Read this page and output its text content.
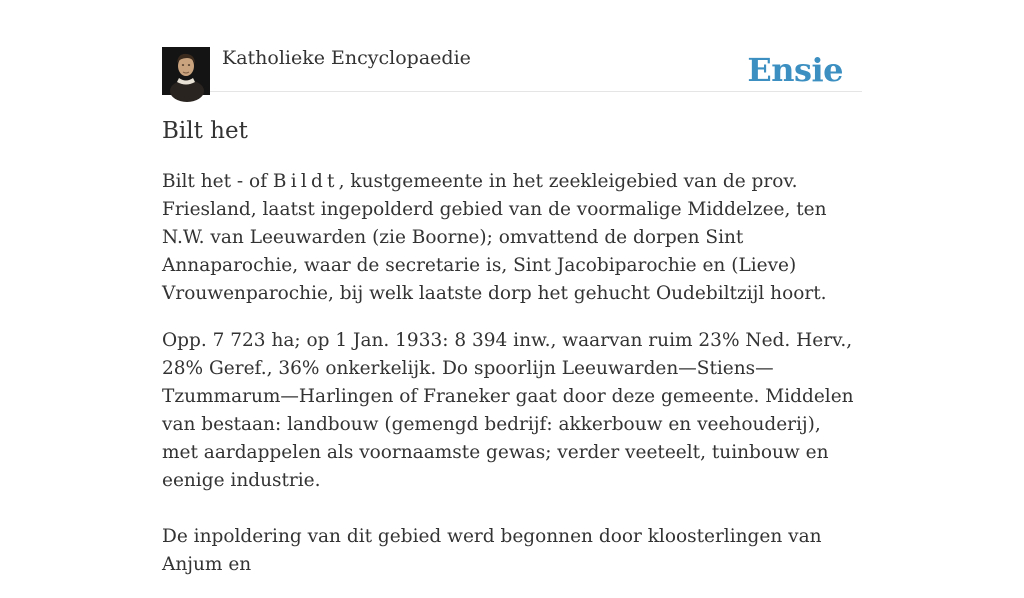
Katholieke Encyclopaedie	Ensie
Bilt het

Bilt het - of Bildt, kustgemeente in het zeekleigebied van de prov. Friesland, laatst ingepolderd gebied van de voormalige Middelzee, ten N.W. van Leeuwarden (zie Boorne); omvattend de dorpen Sint Annaparochie, waar de secretarie is, Sint Jacobiparochie en (Lieve) Vrouwenparochie, bij welk laatste dorp het gehucht Oudebiltzijl hoort.

Opp. 7 723 ha; op 1 Jan. 1933: 8 394 inw., waarvan ruim 23% Ned. Herv., 28% Geref., 36% onkerkelijk. Do spoorlijn Leeuwarden—Stiens—Tzummarum—Harlingen of Franeker gaat door deze gemeente. Middelen van bestaan: landbouw (gemengd bedrijf: akkerbouw en veehouderij), met aardappelen als voornaamste gewas; verder veeteelt, tuinbouw en eenige industrie.

De inpoldering van dit gebied werd begonnen door kloosterlingen van Anjum en
